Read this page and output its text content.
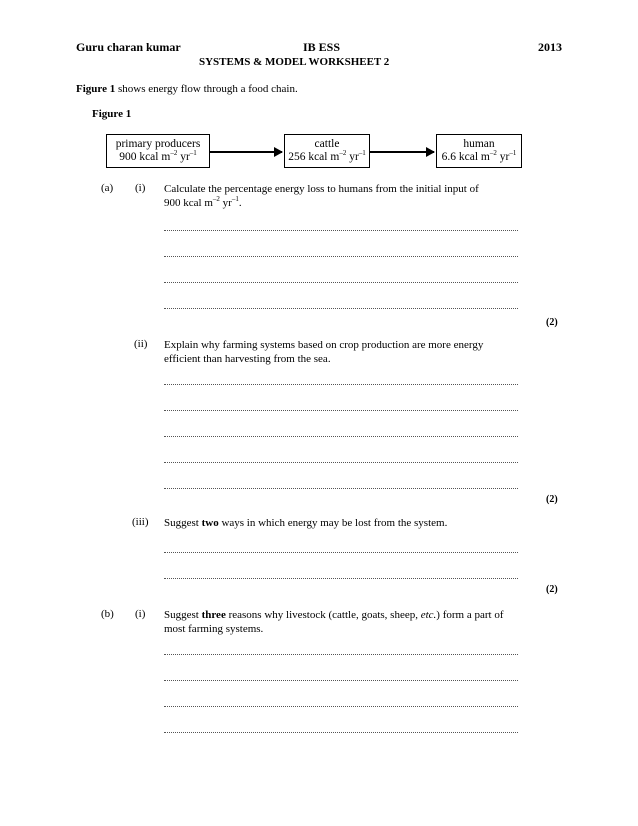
Guru charan kumar	IB ESS	2013
SYSTEMS & MODEL WORKSHEET 2
Figure 1 shows energy flow through a food chain.
Figure 1
primary producers
900 kcal $m^{-2}$ $yr^{-1}$
cattle
256 kcal $m^{-2}$ $yr^{-1}$
human
6.6 kcal $m^{-2}$ $yr^{-1}$
(a) (i) Calculate the percentage energy loss to humans from the initial input of
900 kcal $m^{-2}$ $yr^{-1}$.
(2)
(ii) Explain why farming systems based on crop production are more energy efficient than harvesting from the sea.
(2)
(iii) Suggest two ways in which energy may be lost from the system.
(2)
(b) (i) Suggest three reasons why livestock (cattle, goats, sheep, etc.) form a part of most farming systems.
